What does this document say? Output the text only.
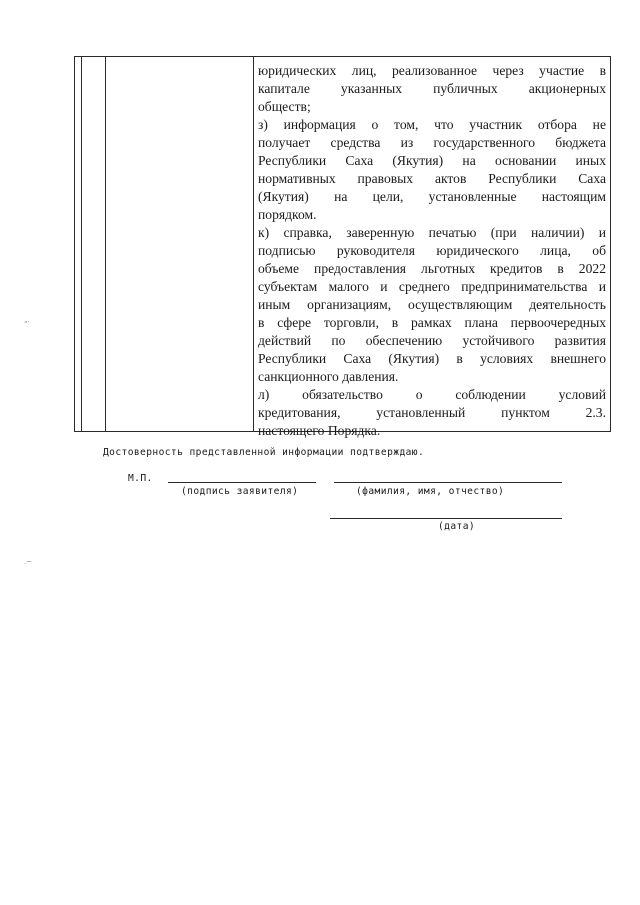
юридических лиц, реализованное через участие в

капитале указанных публичных акционерных

обществ;

з) информация о том, что участник отбора не

получает средства из государственного бюджета

Республики Саха (Якутия) на основании иных

нормативных правовых актов Республики Саха

(Якутия) на цели, установленные настоящим

порядком.

к) справка, заверенную печатью (при наличии) и

подписью руководителя юридического лица, об

объеме предоставления льготных кредитов в 2022

субъектам малого и среднего предпринимательства и

иным организациям, осуществляющим деятельность

в сфере торговли, в рамках плана первоочередных

действий по обеспечению устойчивого развития

Республики Саха (Якутия) в условиях внешнего

санкционного давления.

л) обязательство о соблюдении условий

кредитования, установленный пунктом 2.3.

настоящего Порядка.

Достоверность представленной информации подтверждаю.
М.П.
(подпись заявителя)	(фамилия, имя, отчество)
(дата)
„.
.~
